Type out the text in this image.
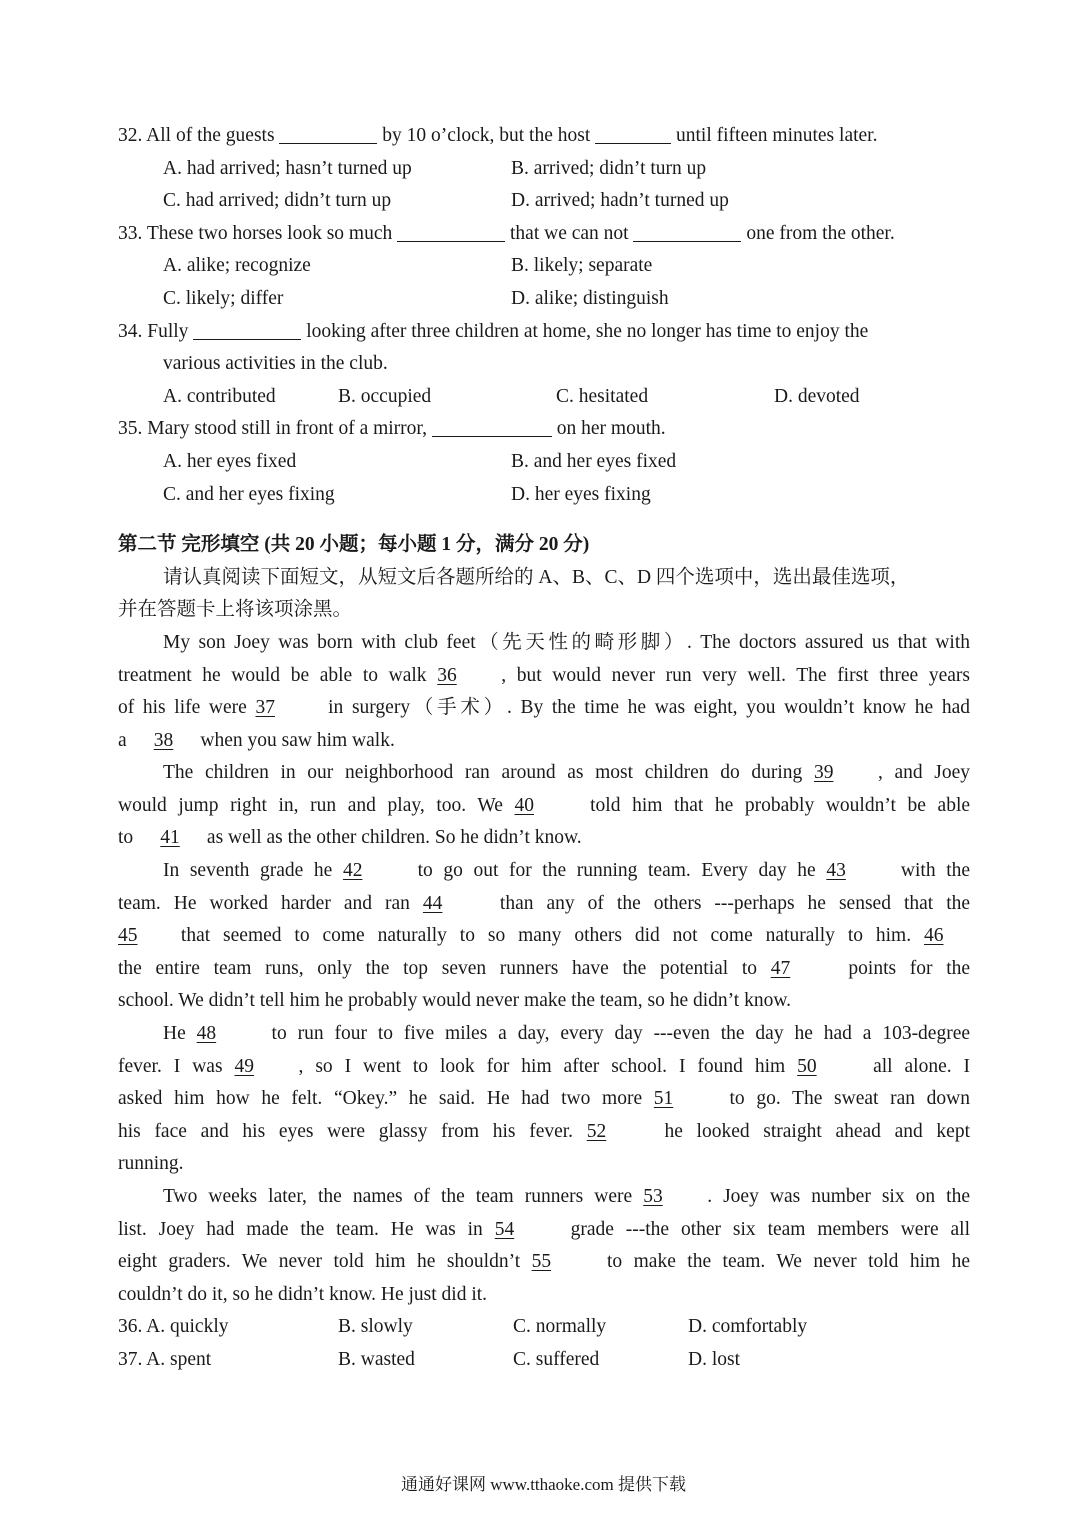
32. All of the guests	by 10 o’clock, but the host	until fifteen minutes later.
A. had arrived; hasn’t turned up	B. arrived; didn’t turn up
C. had arrived; didn’t turn up	D. arrived; hadn’t turned up
33. These two horses look so much	that we can not	one from the other.
A. alike; recognize	B. likely; separate
C. likely; differ	D. alike; distinguish
34. Fully	looking after three children at home, she no longer has time to enjoy the
various activities in the club.
A. contributed	B. occupied	C. hesitated	D. devoted
35. Mary stood still in front of a mirror,	on her mouth.
A. her eyes fixed	B. and her eyes fixed
C. and her eyes fixing	D. her eyes fixing
第二节 完形填空 (共 20 小题；每小题 1 分，满分 20 分)
请认真阅读下面短文，从短文后各题所给的 A、B、C、D 四个选项中，选出最佳选项，
并在答题卡上将该项涂黑。
My son Joey was born with club feet（先天性的畸形脚）. The doctors assured us that with
treatment he would be able to walk 36 , but would never run very well. The first three years
of his life were 37	in surgery（手术）. By the time he was eight, you wouldn’t know he had
a 38 when you saw him walk.
The children in our neighborhood ran around as most children do during 39 , and Joey
would jump right in, run and play, too. We 40	told him that he probably wouldn’t be able
to 41 as well as the other children. So he didn’t know.
In seventh grade he 42	to go out for the running team. Every day he 43	with the
team. He worked harder and ran 44	than any of the others ---perhaps he sensed that the
45 that seemed to come naturally to so many others did not come naturally to him. 46
the entire team runs, only the top seven runners have the potential to 47	points for the
school. We didn’t tell him he probably would never make the team, so he didn’t know.
He 48	to run four to five miles a day, every day ---even the day he had a 103-degree
fever. I was 49 , so I went to look for him after school. I found him 50	all alone. I
asked him how he felt. “Okey.” he said. He had two more 51	to go. The sweat ran down
his face and his eyes were glassy from his fever. 52	he looked straight ahead and kept
running.
Two weeks later, the names of the team runners were 53 . Joey was number six on the
list. Joey had made the team. He was in 54	grade ---the other six team members were all
eight graders. We never told him he shouldn’t 55	to make the team. We never told him he
couldn’t do it, so he didn’t know. He just did it.
36. A. quickly	B. slowly	C. normally	D. comfortably
37. A. spent	B. wasted	C. suffered	D. lost
通通好课网 www.tthaoke.com 提供下载
